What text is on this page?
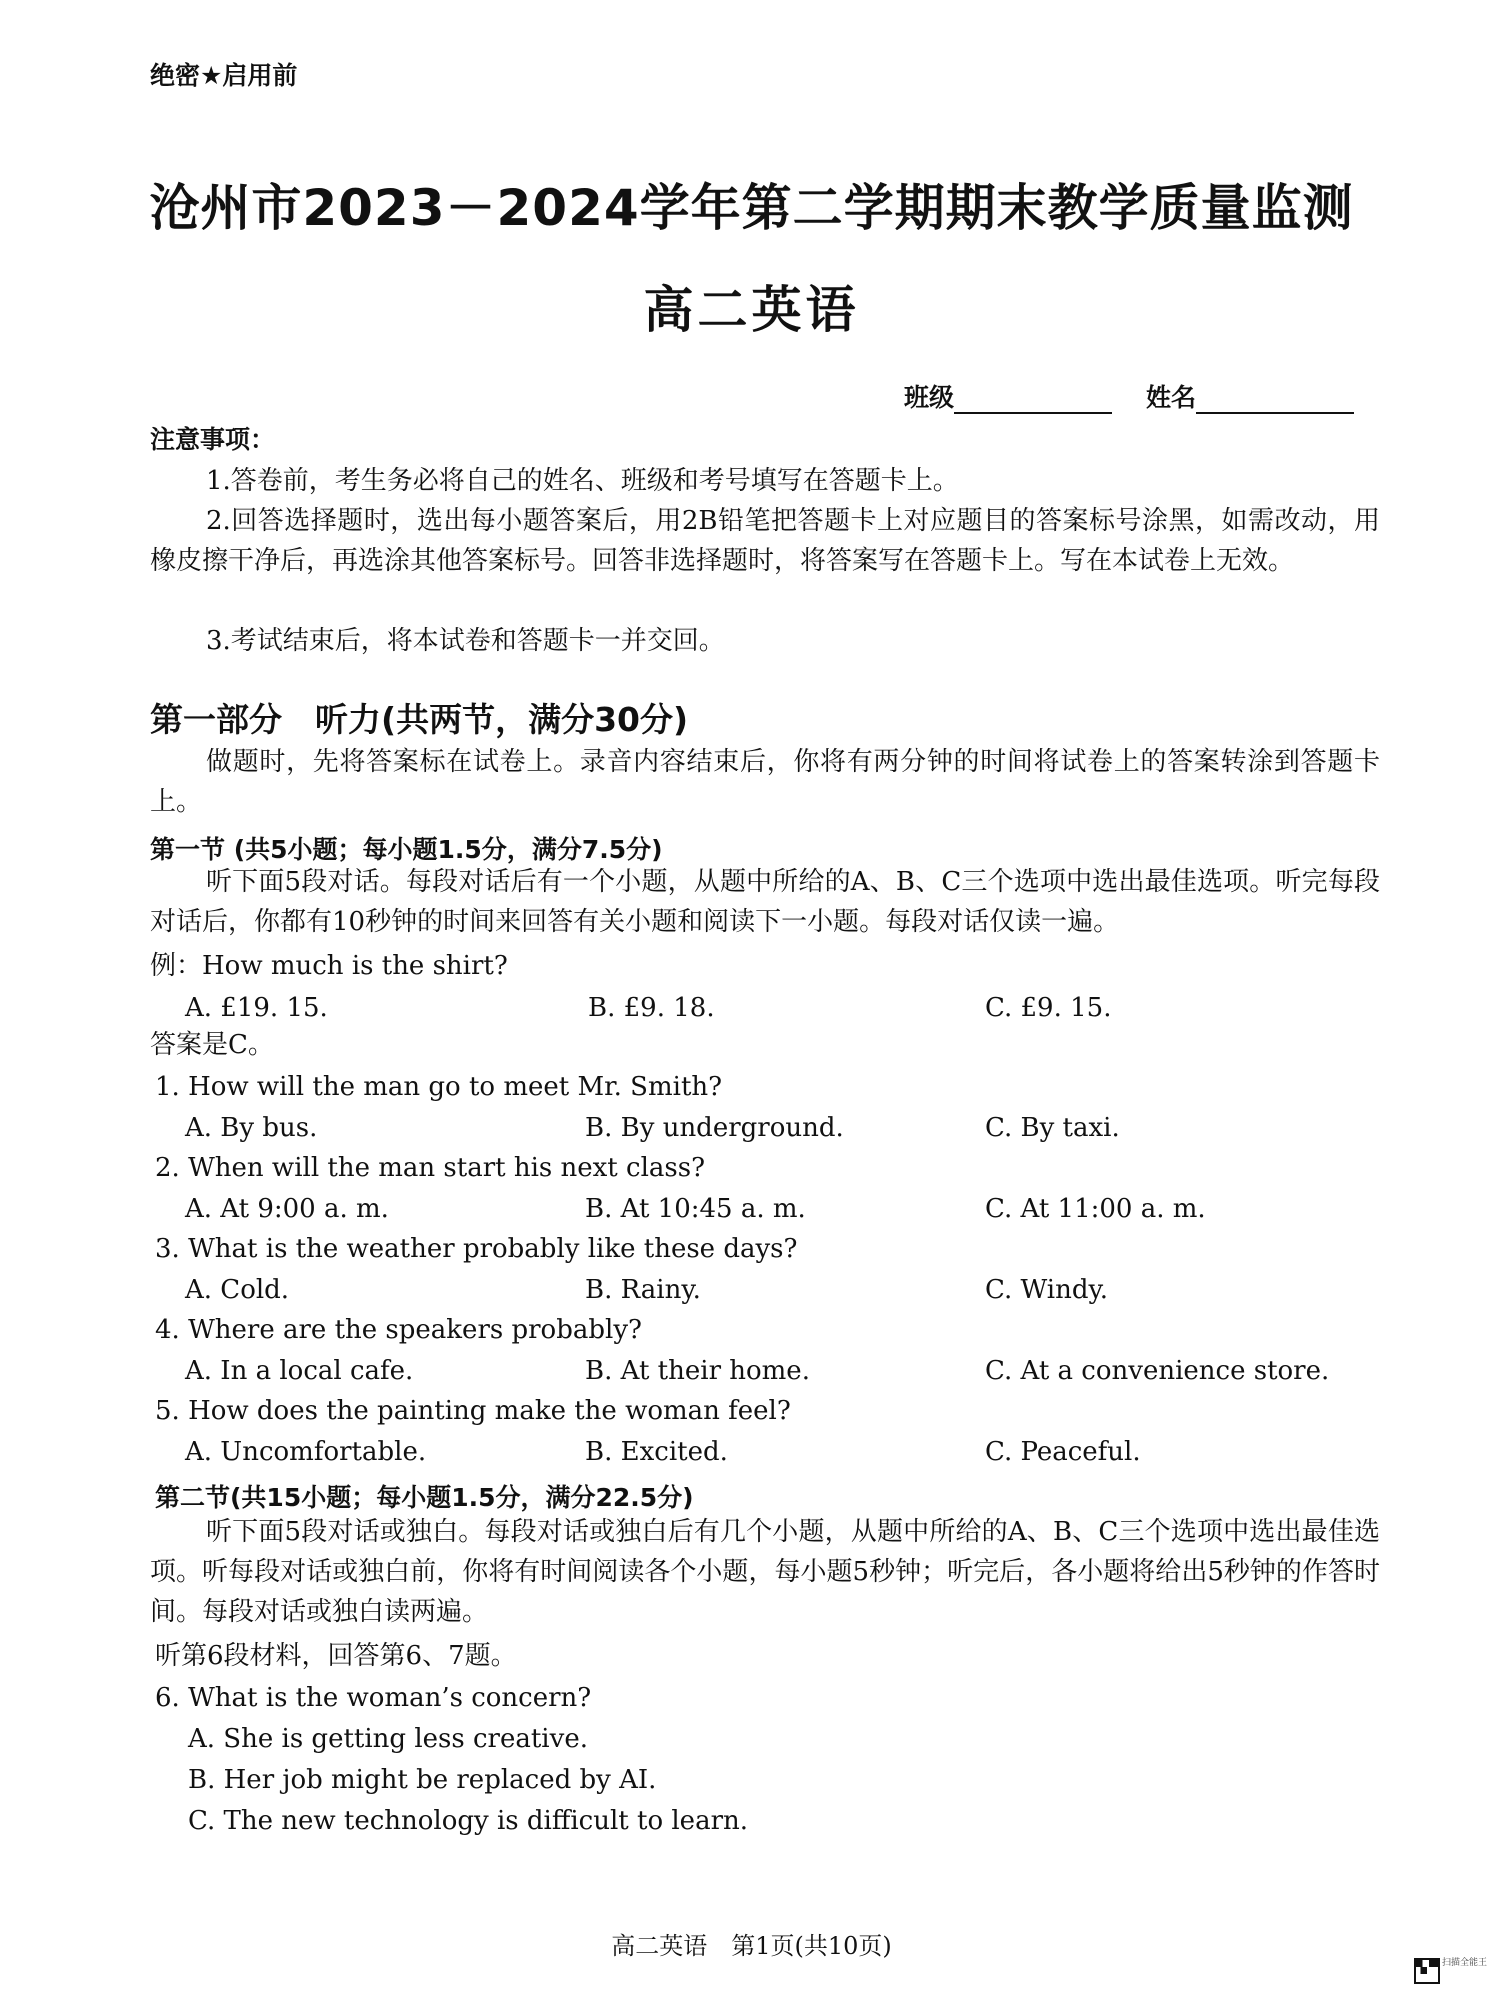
绝密★启用前
沧州市2023－2024学年第二学期期末教学质量监测
高二英语
班级	姓名
注意事项：
1.答卷前，考生务必将自己的姓名、班级和考号填写在答题卡上。
2.回答选择题时，选出每小题答案后，用2B铅笔把答题卡上对应题目的答案标号涂黑，如需改动，用橡皮擦干净后，再选涂其他答案标号。回答非选择题时，将答案写在答题卡上。写在本试卷上无效。
3.考试结束后，将本试卷和答题卡一并交回。
第一部分　听力(共两节，满分30分)
做题时，先将答案标在试卷上。录音内容结束后，你将有两分钟的时间将试卷上的答案转涂到答题卡上。
第一节 (共5小题；每小题1.5分，满分7.5分)
听下面5段对话。每段对话后有一个小题，从题中所给的A、B、C三个选项中选出最佳选项。听完每段对话后，你都有10秒钟的时间来回答有关小题和阅读下一小题。每段对话仅读一遍。
例：How much is the shirt?
A. £19. 15.	B. £9. 18.	C. £9. 15.
答案是C。
1. How will the man go to meet Mr. Smith?
A. By bus.	B. By underground.	C. By taxi.
2. When will the man start his next class?
A. At 9:00 a. m.	B. At 10:45 a. m.	C. At 11:00 a. m.
3. What is the weather probably like these days?
A. Cold.	B. Rainy.	C. Windy.
4. Where are the speakers probably?
A. In a local cafe.	B. At their home.	C. At a convenience store.
5. How does the painting make the woman feel?
A. Uncomfortable.	B. Excited.	C. Peaceful.
第二节(共15小题；每小题1.5分，满分22.5分)
听下面5段对话或独白。每段对话或独白后有几个小题，从题中所给的A、B、C三个选项中选出最佳选项。听每段对话或独白前，你将有时间阅读各个小题，每小题5秒钟；听完后，各小题将给出5秒钟的作答时间。每段对话或独白读两遍。
听第6段材料，回答第6、7题。
6. What is the woman’s concern?
A. She is getting less creative.
B. Her job might be replaced by AI.
C. The new technology is difficult to learn.
高二英语　第1页(共10页)
扫描全能王
